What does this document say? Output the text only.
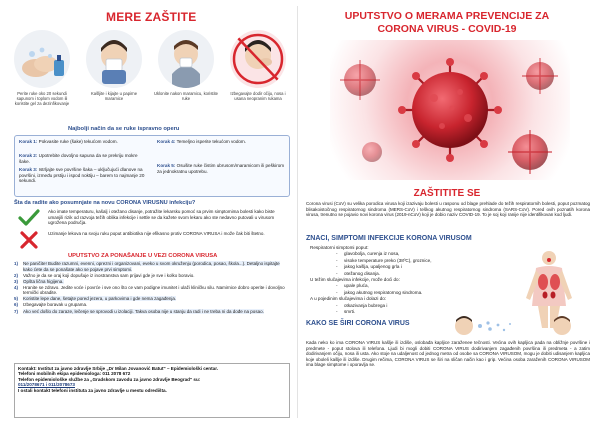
MERE ZAŠTITE
Perite ruke oko 20 sekundi sapunom i toplom vodom ili koristite gel za dezinfikovanje
Kašljite i kijajte u papirne maramice
Uklonite nakon maramicu, koristite ruke
Izbegavajte dodir očiju, nosa i usana neopranim rukama
Najbolji način da se ruke ispravno operu
Korak 1: Pokvasite ruke (šake) tekućom vodom.
Korak 2: Upotrebite dovoljno sapuna da se prekriju mokre šake.
Korak 3: Istrljajte sve površine šaka – uključujući dlanove na površini, između prstiju i ispod noktiju – barem to najmanje 20 sekundi.
Korak 4: Temeljno isperite tekućom vodom.
Korak 5: Osušite ruke čistim ubrusom/maramicom ili peškirom za jednokratnu upotrebu.
Šta da radite ako posumnjate na novu CORONA VIRUSNU infekciju?
Ako imate temperaturu, kašalj i otežano disanje, potražite lekarsku pomoć sa prvim simptomima bolesti kako biste umanjili rizik od razvoja težih oblika infekcije i settle se da kažete svom lekaru ako ste nedavno putovali u virusom ugrožena područja.
Uzimanje lekova na svoju ruku poput antibiotika nije efikasno protiv CORONA VIRUSA i može čak biti štetno.
UPUTSTVO ZA PONAŠANJE U VEZI CORONA VIRUSA
1) Ne paničite! Budite razumni, evenni, oprezni i organizovani, eveko u svom okruženju (porodica, posao, škola...). Detaljno ispitajte kako ćete da se ponašate ako se pojave prvi simptomi.
2) Važno je da se oraj koji dopušuje iz inostranstva sam prijavi gde je sve i kolko boravio.
3) Opšta lična higijena.
4) Hranite se zdravo. Jedite voće i povrće i sve ono što ce vam podigne imunitet i ulaži kliničku silu. Namirnice dobro operite i dovoljno termički obradite.
5) Koristite lepe dane, šetajte pored jezera, u parkovima i gde nema zagađenja.
6) Izbegavajte boravak u grupama.
7) Ako već došlo do zaraze, lečenje se sprovodi u izolaciji. Takva osoba nije u stanju da radi i ne treba ni da dođe na posao.
Kontakt: Institut za javno zdravlje Srbije „Dr Milan Jovanović Batut" – Epidemiološki centar.
Telefoni mobilnih ekipa epidemiologa: 011 2078 672
Telefon epidemiološke službe za „Gradskom zavodu za javno zdravlje Beograd" su:
011/2078671 i 011/2078673
I ostali kontakt telefoni instituta za javno zdravlje u mestu odredišta.
UPUTSTVO O MERAMA PREVENCIJE ZA
CORONA VIRUS - COVID-19
ZAŠTITITE SE
Corona virusi (CoV) su velika porodica virusa koji izazivaju bolesti u rasponu od blage prehlade do težih respiratornih bolesti, poput pozmatog blisakoistočnog respiratornog sindroma (MERS-CoV) i teškog akutnog respiratornog sindroma (SARS-CoV). Pored ovih poznatih korona virusa, trenutno se pojavio novi korona virus (2019-nCoV) koji je dobio naziv COVID-19. To je soj koji ranije nije identifikovan kod ljudi.
ZNACI, SIMPTOMI INFEKCIJE KORONA VIRUSOM
Respiratorni simptomi poput:
- glavobolja, curenja iz nosa,
- visoke temperature preko (38ºC), groznice,
- jakog kašlja, upaljenog grla i
- otežanog disanja.
U težim slučajevima infekcije, može doći do:
- upale pluća,
- jakog akutnog respiratornog sindroma.
A u pojedinim slučajevima i dolazi do:
- otkazivanja bubrega i
- smrti.
KAKO SE ŠIRI CORONA VIRUS
Kada neko ko ima CORONA VIRUS kašlje ili izdiše, oslobađa kapljice zaraženee tečnosti. Većina ovih kapljica pada na obližnje površine i predmete - poput stolova ili telefona. Ljudi bi mogli dobiti CORONA VIRUS dodirivanjem zagađenih površina ili predmeta - a zatim dodirivanjem očiju, nosa ili usta. Ako stoje na udaljenost od jednog metra od osobe sa CORONA VIRUSOM, mogu je dobiti udisanjem kapljica koje oboleli kašlje ili izdiše. Drugim rečima, CORONA VIRUS se širi na sličan način kao i grip. Većina osoba zaraženih CORONA VIRUSOM ima blage simptome i oporavlja se.
